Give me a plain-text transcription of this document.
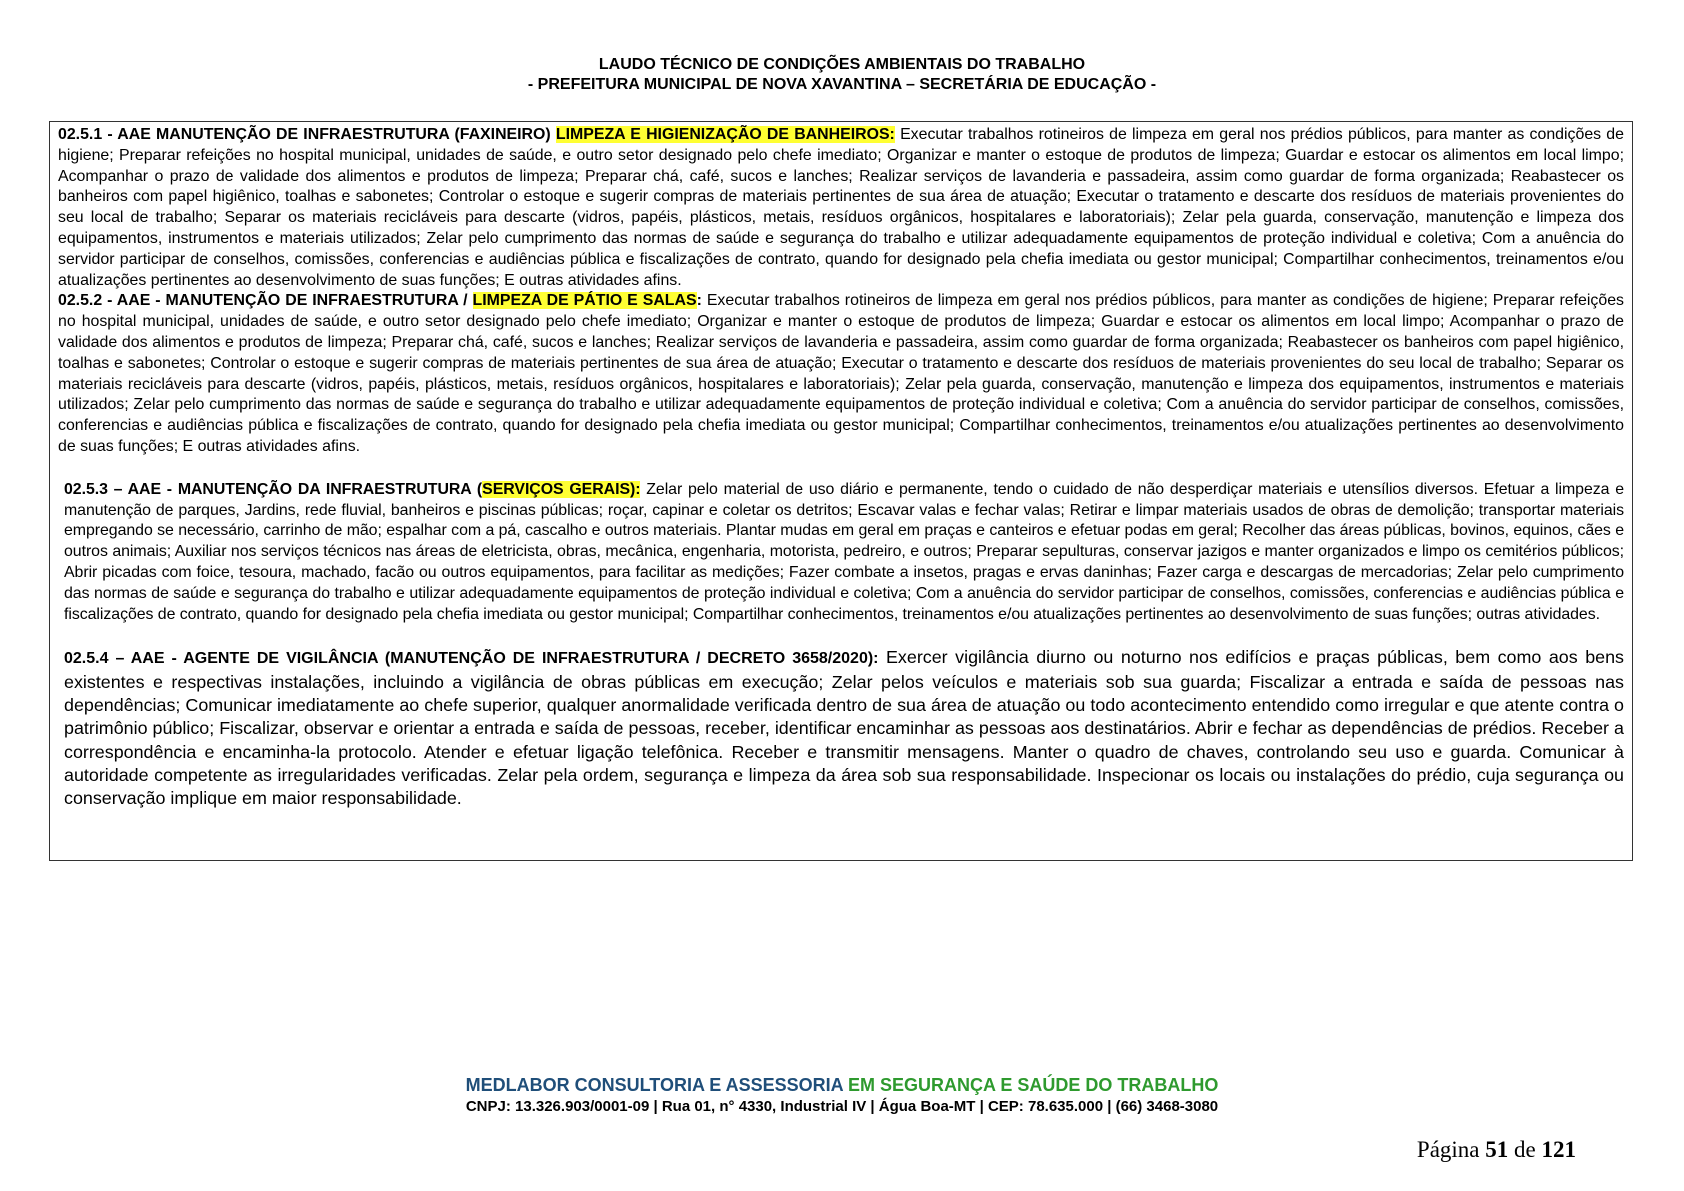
LAUDO TÉCNICO DE CONDIÇÕES AMBIENTAIS DO TRABALHO
- PREFEITURA MUNICIPAL DE NOVA XAVANTINA – SECRETÁRIA DE EDUCAÇÃO -

02.5.1 - AAE MANUTENÇÃO DE INFRAESTRUTURA (FAXINEIRO) LIMPEZA E HIGIENIZAÇÃO DE BANHEIROS: Executar trabalhos rotineiros de limpeza em geral nos prédios públicos, para manter as condições de higiene; Preparar refeições no hospital municipal, unidades de saúde, e outro setor designado pelo chefe imediato; Organizar e manter o estoque de produtos de limpeza; Guardar e estocar os alimentos em local limpo; Acompanhar o prazo de validade dos alimentos e produtos de limpeza; Preparar chá, café, sucos e lanches; Realizar serviços de lavanderia e passadeira, assim como guardar de forma organizada; Reabastecer os banheiros com papel higiênico, toalhas e sabonetes; Controlar o estoque e sugerir compras de materiais pertinentes de sua área de atuação; Executar o tratamento e descarte dos resíduos de materiais provenientes do seu local de trabalho; Separar os materiais recicláveis para descarte (vidros, papéis, plásticos, metais, resíduos orgânicos, hospitalares e laboratoriais); Zelar pela guarda, conservação, manutenção e limpeza dos equipamentos, instrumentos e materiais utilizados; Zelar pelo cumprimento das normas de saúde e segurança do trabalho e utilizar adequadamente equipamentos de proteção individual e coletiva; Com a anuência do servidor participar de conselhos, comissões, conferencias e audiências pública e fiscalizações de contrato, quando for designado pela chefia imediata ou gestor municipal; Compartilhar conhecimentos, treinamentos e/ou atualizações pertinentes ao desenvolvimento de suas funções; E outras atividades afins.

02.5.2 - AAE - MANUTENÇÃO DE INFRAESTRUTURA / LIMPEZA DE PÁTIO E SALAS: Executar trabalhos rotineiros de limpeza em geral nos prédios públicos, para manter as condições de higiene; Preparar refeições no hospital municipal, unidades de saúde, e outro setor designado pelo chefe imediato; Organizar e manter o estoque de produtos de limpeza; Guardar e estocar os alimentos em local limpo; Acompanhar o prazo de validade dos alimentos e produtos de limpeza; Preparar chá, café, sucos e lanches; Realizar serviços de lavanderia e passadeira, assim como guardar de forma organizada; Reabastecer os banheiros com papel higiênico, toalhas e sabonetes; Controlar o estoque e sugerir compras de materiais pertinentes de sua área de atuação; Executar o tratamento e descarte dos resíduos de materiais provenientes do seu local de trabalho; Separar os materiais recicláveis para descarte (vidros, papéis, plásticos, metais, resíduos orgânicos, hospitalares e laboratoriais); Zelar pela guarda, conservação, manutenção e limpeza dos equipamentos, instrumentos e materiais utilizados; Zelar pelo cumprimento das normas de saúde e segurança do trabalho e utilizar adequadamente equipamentos de proteção individual e coletiva; Com a anuência do servidor participar de conselhos, comissões, conferencias e audiências pública e fiscalizações de contrato, quando for designado pela chefia imediata ou gestor municipal; Compartilhar conhecimentos, treinamentos e/ou atualizações pertinentes ao desenvolvimento de suas funções; E outras atividades afins.

02.5.3 – AAE - MANUTENÇÃO DA INFRAESTRUTURA (SERVIÇOS GERAIS): Zelar pelo material de uso diário e permanente, tendo o cuidado de não desperdiçar materiais e utensílios diversos. Efetuar a limpeza e manutenção de parques, Jardins, rede fluvial, banheiros e piscinas públicas; roçar, capinar e coletar os detritos; Escavar valas e fechar valas; Retirar e limpar materiais usados de obras de demolição; transportar materiais empregando se necessário, carrinho de mão; espalhar com a pá, cascalho e outros materiais. Plantar mudas em geral em praças e canteiros e efetuar podas em geral; Recolher das áreas públicas, bovinos, equinos, cães e outros animais; Auxiliar nos serviços técnicos nas áreas de eletricista, obras, mecânica, engenharia, motorista, pedreiro, e outros; Preparar sepulturas, conservar jazigos e manter organizados e limpo os cemitérios públicos; Abrir picadas com foice, tesoura, machado, facão ou outros equipamentos, para facilitar as medições; Fazer combate a insetos, pragas e ervas daninhas; Fazer carga e descargas de mercadorias; Zelar pelo cumprimento das normas de saúde e segurança do trabalho e utilizar adequadamente equipamentos de proteção individual e coletiva; Com a anuência do servidor participar de conselhos, comissões, conferencias e audiências pública e fiscalizações de contrato, quando for designado pela chefia imediata ou gestor municipal; Compartilhar conhecimentos, treinamentos e/ou atualizações pertinentes ao desenvolvimento de suas funções; outras atividades.

02.5.4 – AAE - AGENTE DE VIGILÂNCIA (MANUTENÇÃO DE INFRAESTRUTURA / DECRETO 3658/2020): Exercer vigilância diurno ou noturno nos edifícios e praças públicas, bem como aos bens existentes e respectivas instalações, incluindo a vigilância de obras públicas em execução; Zelar pelos veículos e materiais sob sua guarda; Fiscalizar a entrada e saída de pessoas nas dependências; Comunicar imediatamente ao chefe superior, qualquer anormalidade verificada dentro de sua área de atuação ou todo acontecimento entendido como irregular e que atente contra o patrimônio público; Fiscalizar, observar e orientar a entrada e saída de pessoas, receber, identificar encaminhar as pessoas aos destinatários. Abrir e fechar as dependências de prédios. Receber a correspondência e encaminha-la protocolo. Atender e efetuar ligação telefônica. Receber e transmitir mensagens. Manter o quadro de chaves, controlando seu uso e guarda. Comunicar à autoridade competente as irregularidades verificadas. Zelar pela ordem, segurança e limpeza da área sob sua responsabilidade. Inspecionar os locais ou instalações do prédio, cuja segurança ou conservação implique em maior responsabilidade.

MEDLABOR CONSULTORIA E ASSESSORIA EM SEGURANÇA E SAÚDE DO TRABALHO
CNPJ: 13.326.903/0001-09 | Rua 01, n° 4330, Industrial IV | Água Boa-MT | CEP: 78.635.000 | (66) 3468-3080
Página 51 de 121
